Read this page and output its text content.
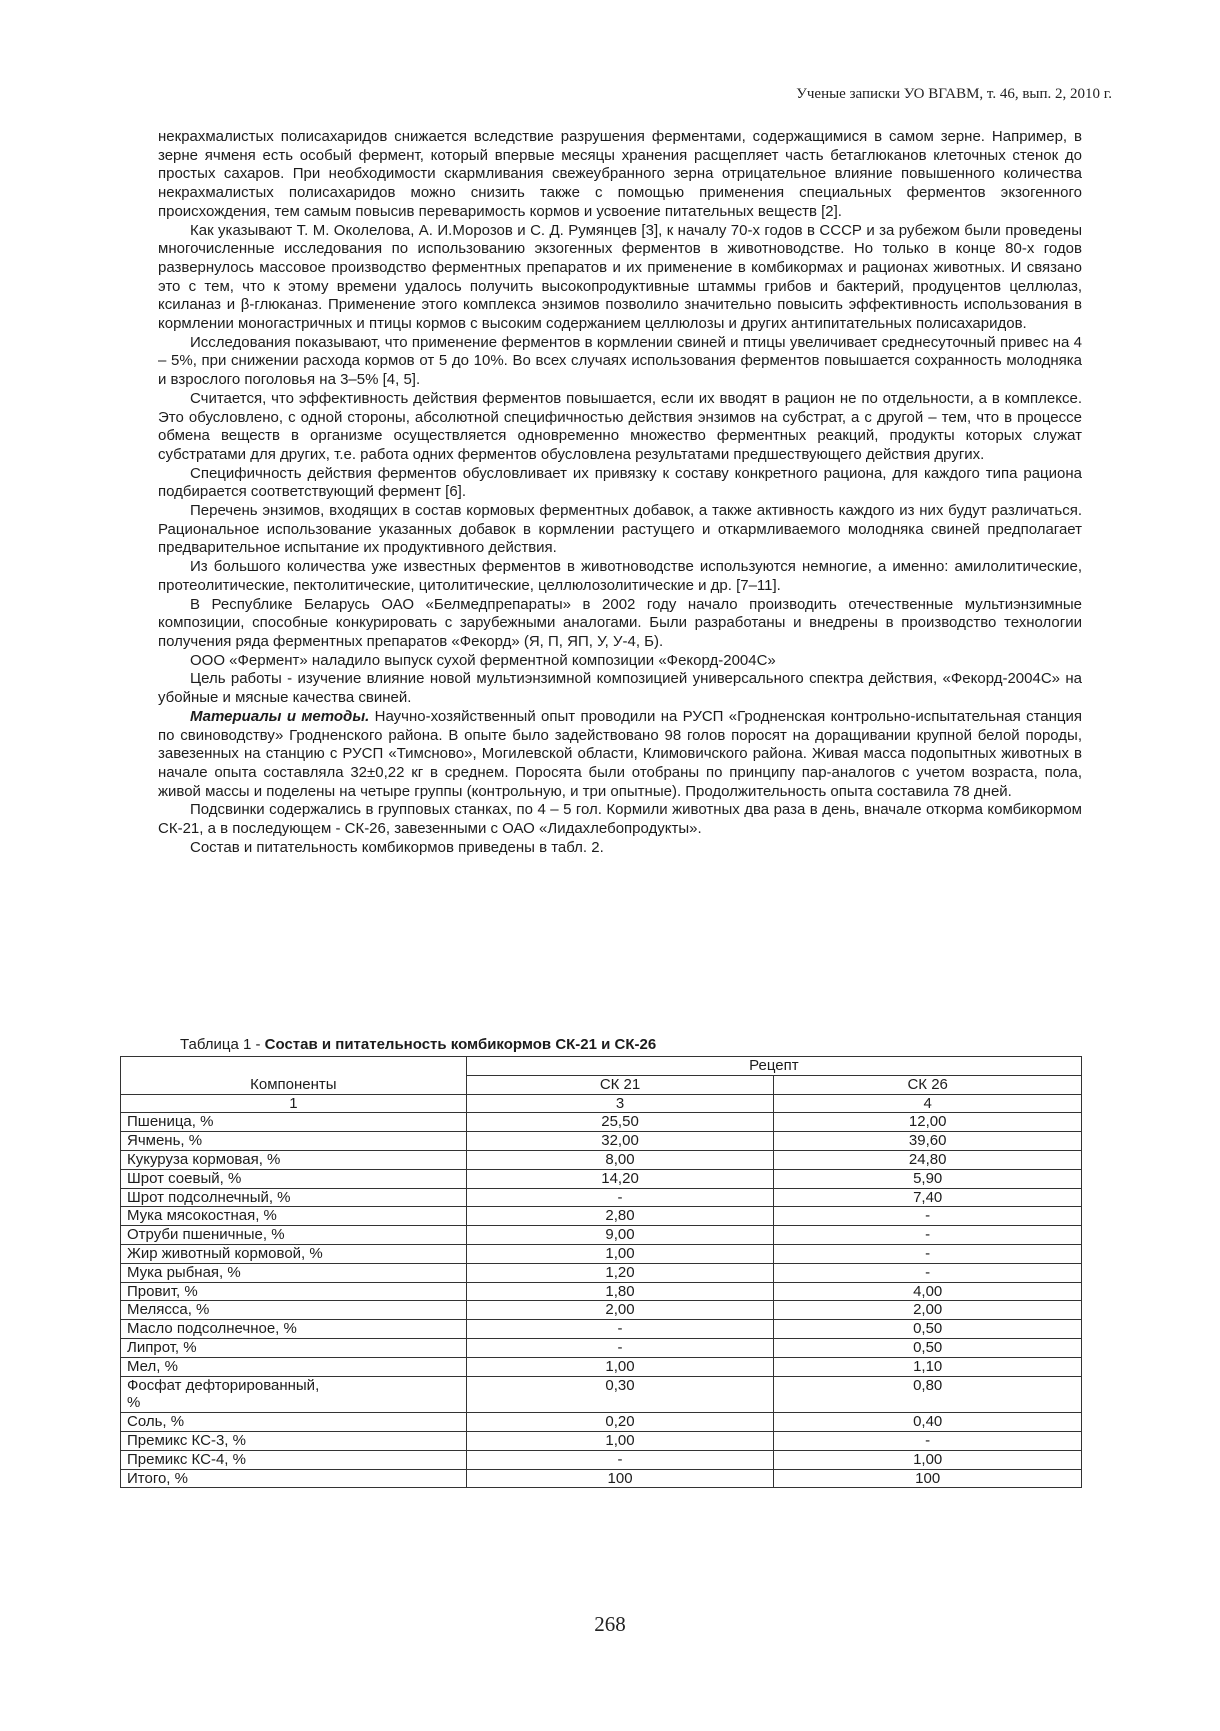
Ученые записки УО ВГАВМ, т. 46, вып. 2, 2010 г.

некрахмалистых полисахаридов снижается вследствие разрушения ферментами, содержащимися в самом зерне. Например, в зерне ячменя есть особый фермент, который впервые месяцы хранения расщепляет часть бетаглюканов клеточных стенок до простых сахаров. При необходимости скармливания свежеубранного зерна отрицательное влияние повышенного количества некрахмалистых полисахаридов можно снизить также с помощью применения специальных ферментов экзогенного происхождения, тем самым повысив переваримость кормов и усвоение питательных веществ [2].

Как указывают Т. М. Околелова, А. И.Морозов и С. Д. Румянцев [3], к началу 70-х годов в СССР и за рубежом были проведены многочисленные исследования по использованию экзогенных ферментов в животноводстве. Но только в конце 80-х годов развернулось массовое производство ферментных препаратов и их применение в комбикормах и рационах животных. И связано это с тем, что к этому времени удалось получить высокопродуктивные штаммы грибов и бактерий, продуцентов целлюлаз, ксиланаз и β-глюканаз. Применение этого комплекса энзимов позволило значительно повысить эффективность использования в кормлении моногастричных и птицы кормов с высоким содержанием целлюлозы и других антипитательных полисахаридов.

Исследования показывают, что применение ферментов в кормлении свиней и птицы увеличивает среднесуточный привес на 4 – 5%, при снижении расхода кормов от 5 до 10%. Во всех случаях использования ферментов повышается сохранность молодняка и взрослого поголовья на 3–5% [4, 5].

Считается, что эффективность действия ферментов повышается, если их вводят в рацион не по отдельности, а в комплексе. Это обусловлено, с одной стороны, абсолютной специфичностью действия энзимов на субстрат, а с другой – тем, что в процессе обмена веществ в организме осуществляется одновременно множество ферментных реакций, продукты которых служат субстратами для других, т.е. работа одних ферментов обусловлена результатами предшествующего действия других.

Специфичность действия ферментов обусловливает их привязку к составу конкретного рациона, для каждого типа рациона подбирается соответствующий фермент [6].

Перечень энзимов, входящих в состав кормовых ферментных добавок, а также активность каждого из них будут различаться. Рациональное использование указанных добавок в кормлении растущего и откармливаемого молодняка свиней предполагает предварительное испытание их продуктивного действия.

Из большого количества уже известных ферментов в животноводстве используются немногие, а именно: амилолитические, протеолитические, пектолитические, цитолитические, целлюлозолитические и др. [7–11].

В Республике Беларусь ОАО «Белмедпрепараты» в 2002 году начало производить отечественные мультиэнзимные композиции, способные конкурировать с зарубежными аналогами. Были разработаны и внедрены в производство технологии получения ряда ферментных препаратов «Фекорд» (Я, П, ЯП, У, У-4, Б).

ООО «Фермент» наладило выпуск сухой ферментной композиции «Фекорд-2004С»

Цель работы - изучение влияние новой мультиэнзимной композицией универсального спектра действия, «Фекорд-2004С» на убойные и мясные качества свиней.

Материалы и методы. Научно-хозяйственный опыт проводили на РУСП «Гродненская контрольно-испытательная станция по свиноводству» Гродненского района. В опыте было задействовано 98 голов поросят на доращивании крупной белой породы, завезенных на станцию с РУСП «Тимсново», Могилевской области, Климовичского района. Живая масса подопытных животных в начале опыта составляла 32±0,22 кг в среднем. Поросята были отобраны по принципу пар-аналогов с учетом возраста, пола, живой массы и поделены на четыре группы (контрольную, и три опытные). Продолжительность опыта составила 78 дней.

Подсвинки содержались в групповых станках, по 4 – 5 гол. Кормили животных два раза в день, вначале откорма комбикормом СК-21, а в последующем - СК-26, завезенными с ОАО «Лидахлебопродукты».

Состав и питательность комбикормов приведены в табл. 2.

Таблица 1 - Состав и питательность комбикормов СК-21 и СК-26
Компоненты	Рецепт	
	СК 21	СК 26
1	3	4
Пшеница, %	25,50	12,00
Ячмень, %	32,00	39,60
Кукуруза кормовая, %	8,00	24,80
Шрот соевый, %	14,20	5,90
Шрот подсолнечный, %	-	7,40
Мука мясокостная, %	2,80	-
Отруби пшеничные, %	9,00	-
Жир животный кормовой, %	1,00	-
Мука рыбная, %	1,20	-
Провит, %	1,80	4,00
Мелясса, %	2,00	2,00
Масло подсолнечное, %	-	0,50
Липрот, %	-	0,50
Мел, %	1,00	1,10
Фосфат дефторированный, %	0,30	0,80
Соль, %	0,20	0,40
Премикс КС-3, %	1,00	-
Премикс КС-4, %	-	1,00
Итого, %	100	100
268
